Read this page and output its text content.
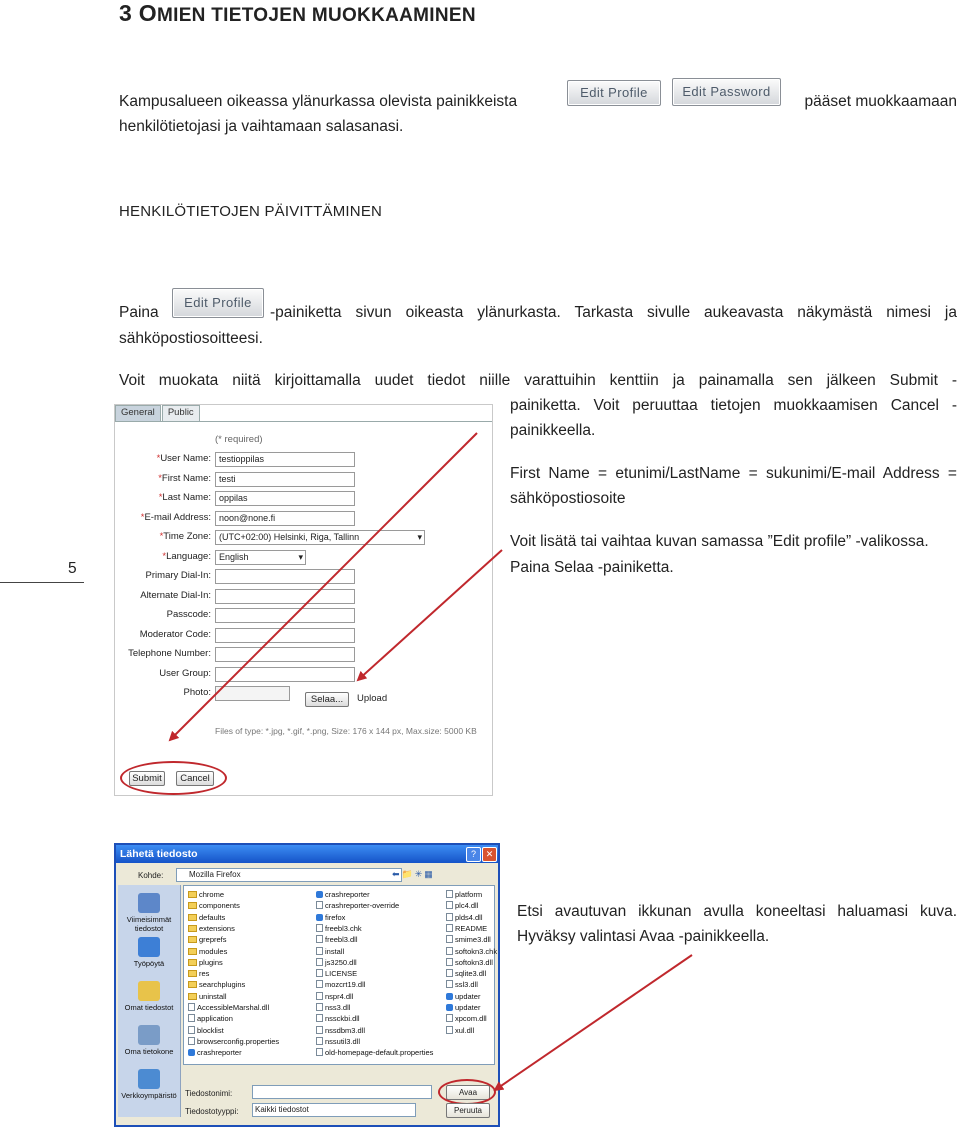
3 OMIEN TIETOJEN MUOKKAAMINEN
Kampusalueen oikeassa ylänurkassa olevista painikkeista
Edit Profile	Edit Password
pääset muokkaamaan
henkilötietojasi ja vaihtamaan salasanasi.
HENKILÖTIETOJEN PÄIVITTÄMINEN
Paina
Edit Profile
-painiketta sivun oikeasta ylänurkasta. Tarkasta sivulle aukeavasta näkymästä nimesi ja
sähköpostiosoitteesi.
Voit muokata niitä kirjoittamalla uudet tiedot niille varattuihin kenttiin ja painamalla sen jälkeen Submit -
painiketta. Voit peruuttaa tietojen muokkaamisen Cancel -
painikkeella.
First Name = etunimi/LastName = sukunimi/E-mail Address =
sähköpostiosoite
Voit lisätä tai vaihtaa kuvan samassa ”Edit profile” -valikossa.
Paina Selaa -painiketta.
5
General	Public
(* required)
*User Name: testioppilas
*First Name: testi
*Last Name: oppilas
*E-mail Address: noon@none.fi
*Time Zone: (UTC+02:00) Helsinki, Riga, Tallinn	▾
*Language: English	▾
Primary Dial-In:
Alternate Dial-In:
Passcode:
Moderator Code:
Telephone Number:
User Group:
Photo:
Selaa...	Upload
Files of type: *.jpg, *.gif, *.png, Size: 176 x 144 px, Max.size: 5000 KB
Submit	Cancel
Lähetä tiedosto	?	✕
Kohde:	Mozilla Firefox	⬅📁✳▦
Viimeisimmät tiedostot
Työpöytä
Omat tiedostot
Oma tietokone
Verkkoympäristö
chrome
components
defaults
extensions
greprefs
modules
plugins
res
searchplugins
uninstall
AccessibleMarshal.dll
application
blocklist
browserconfig.properties
crashreporter
crashreporter
crashreporter-override
firefox
freebl3.chk
freebl3.dll
install
js3250.dll
LICENSE
mozcrt19.dll
nspr4.dll
nss3.dll
nssckbi.dll
nssdbm3.dll
nssutil3.dll
old-homepage-default.properties
platform
plc4.dll
plds4.dll
README
smime3.dll
softokn3.chk
softokn3.dll
sqlite3.dll
ssl3.dll
updater
updater
xpcom.dll
xul.dll
Tiedostonimi:
Tiedostotyyppi:	Kaikki tiedostot
Avaa
Peruuta
Etsi avautuvan ikkunan avulla koneeltasi haluamasi kuva.
Hyväksy valintasi Avaa -painikkeella.
